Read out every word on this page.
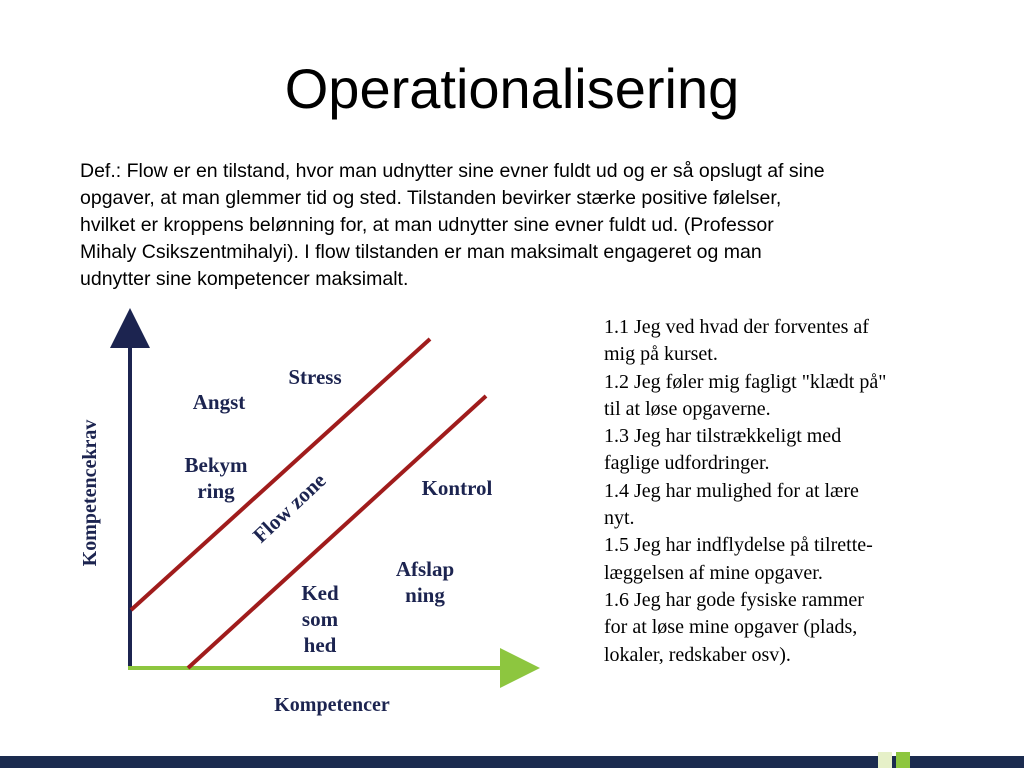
Operationalisering
Def.: Flow er en tilstand, hvor man udnytter sine evner fuldt ud og er så opslugt af sine
opgaver, at man glemmer tid og sted. Tilstanden bevirker stærke positive følelser,
hvilket er kroppens belønning for, at man udnytter sine evner fuldt ud. (Professor
Mihaly Csikszentmihalyi). I flow tilstanden er man maksimalt engageret og man
udnytter sine kompetencer maksimalt.
Kompetencekrav	Flow zone
Stress
Angst
Bekym
ring	Kontrol
Afslap
ning
Ked
som
hed
Kompetencer
1.1 Jeg ved hvad der forventes af
mig på kurset.
1.2 Jeg føler mig fagligt "klædt på"
til at løse opgaverne.
1.3 Jeg har tilstrækkeligt med
faglige udfordringer.
1.4 Jeg har mulighed for at lære
nyt.
1.5 Jeg har indflydelse på tilrette-
læggelsen af mine opgaver.
1.6 Jeg har gode fysiske rammer
for at løse mine opgaver (plads,
lokaler, redskaber osv).
